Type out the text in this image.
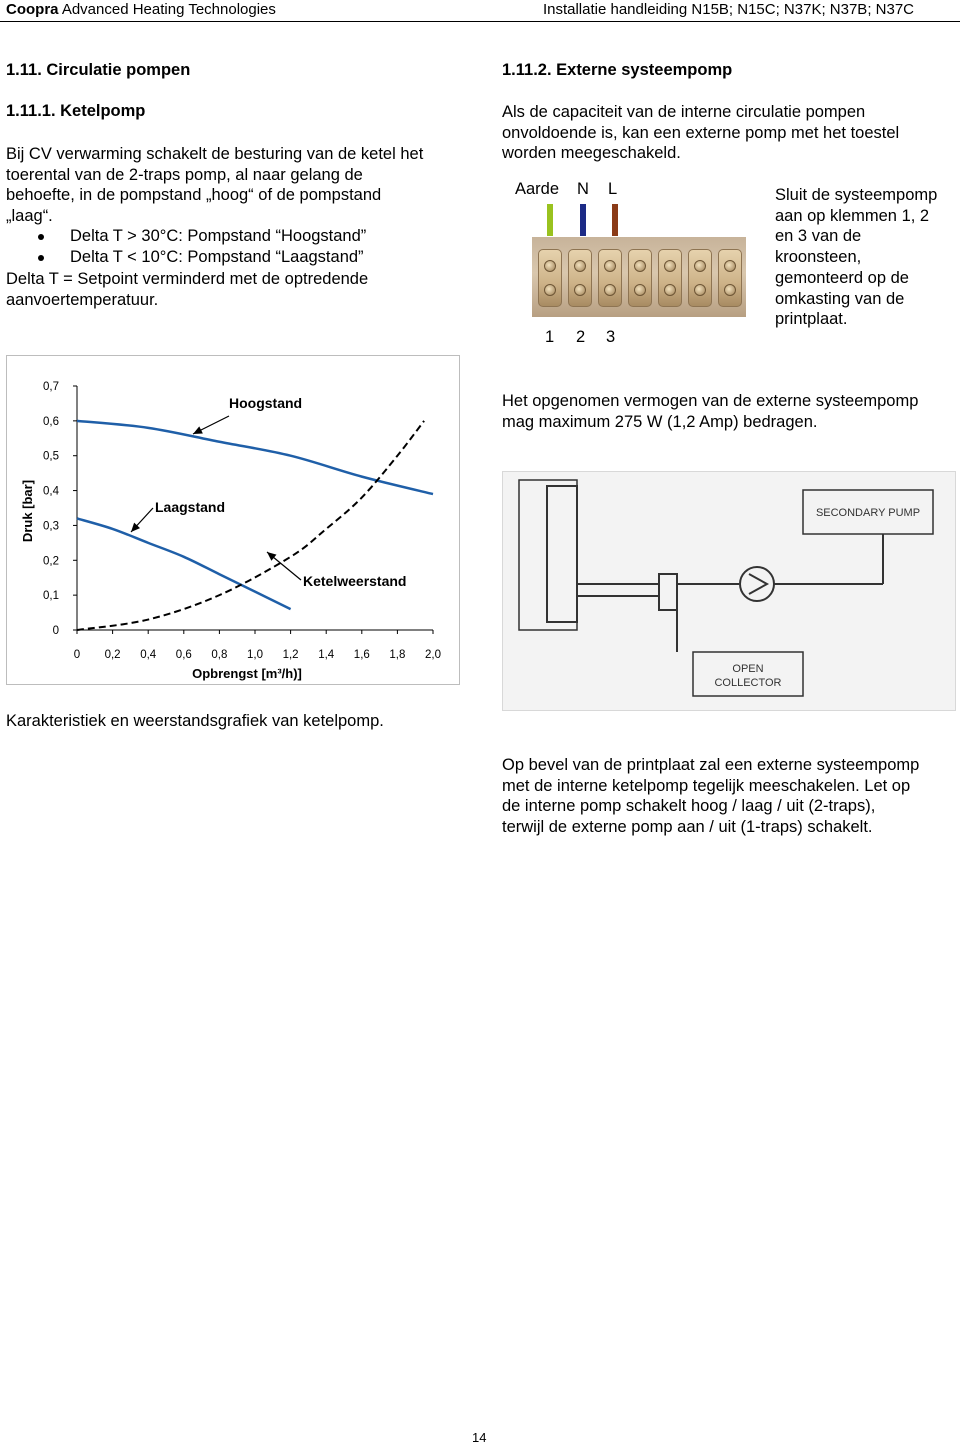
Coopra Advanced Heating Technologies	Installatie handleiding N15B; N15C; N37K; N37B; N37C
1.11. Circulatie pompen
1.11.1. Ketelpomp
Bij CV verwarming schakelt de besturing van de ketel het
toerental van de 2-traps pomp, al naar gelang de
behoefte, in de pompstand „hoog“ of de pompstand
„laag“.
Delta T > 30°C: Pompstand “Hoogstand”
Delta T < 10°C: Pompstand “Laagstand”
Delta T = Setpoint verminderd met de optredende
aanvoertemperatuur.
0 0,2 0,4 0,6 0,8 1,0 1,2 1,4 1,6 1,8 2,0
0
0,1
0,2
0,3
0,4
0,5
0,6
0,7
Opbrengst [m³/h)]
Druk [bar]
Hoogstand
Laagstand
Ketelweerstand
Karakteristiek en weerstandsgrafiek van ketelpomp.
1.11.2. Externe systeempomp
Als de capaciteit van de interne circulatie pompen
onvoldoende is, kan een externe pomp met het toestel
worden meegeschakeld.
Aarde N L
1 2 3
Sluit de systeempomp
aan op klemmen 1, 2
en 3 van de
kroonsteen,
gemonteerd op de
omkasting van de
printplaat.
Het opgenomen vermogen van de externe systeempomp
mag maximum 275 W (1,2 Amp) bedragen.
SECONDARY PUMP
OPEN
COLLECTOR
Op bevel van de printplaat zal een externe systeempomp
met de interne ketelpomp tegelijk meeschakelen. Let op
de interne pomp schakelt hoog / laag / uit (2-traps),
terwijl de externe pomp aan / uit (1-traps) schakelt.
14
